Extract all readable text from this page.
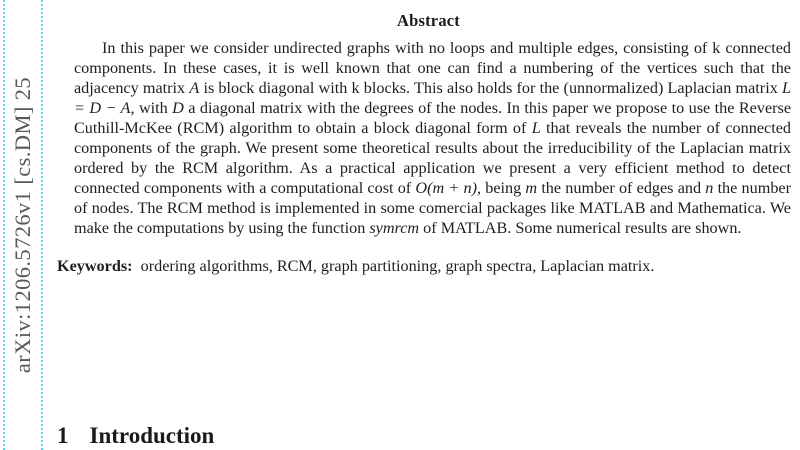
arXiv:1206.5726v1 [cs.DM] 25
Abstract

In this paper we consider undirected graphs with no loops and multiple edges, consisting of k connected components. In these cases, it is well known that one can find a numbering of the vertices such that the adjacency matrix A is block diagonal with k blocks. This also holds for the (unnormalized) Laplacian matrix L = D − A, with D a diagonal matrix with the degrees of the nodes. In this paper we propose to use the Reverse Cuthill-McKee (RCM) algorithm to obtain a block diagonal form of L that reveals the number of connected components of the graph. We present some theoretical results about the irreducibility of the Laplacian matrix ordered by the RCM algorithm. As a practical application we present a very efficient method to detect connected components with a computational cost of O(m + n), being m the number of edges and n the number of nodes. The RCM method is implemented in some comercial packages like MATLAB and Mathematica. We make the computations by using the function symrcm of MATLAB. Some numerical results are shown.

Keywords: ordering algorithms, RCM, graph partitioning, graph spectra, Laplacian matrix.

1 Introduction
